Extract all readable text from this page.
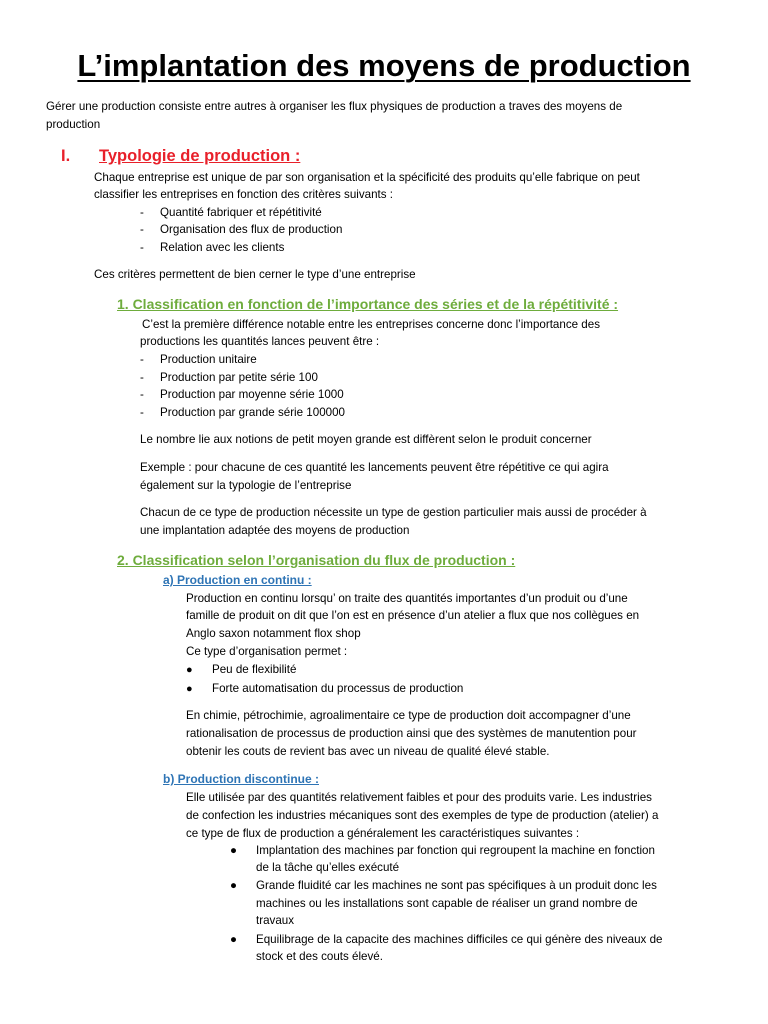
L’implantation des moyens de production
Gérer une production consiste entre autres à organiser les flux physiques de production a traves des moyens de
production
I. Typologie de production :
Chaque entreprise est unique de par son organisation et la spécificité des produits qu’elle fabrique on peut
classifier les entreprises en fonction des critères suivants :
- Quantité fabriquer et répétitivité
- Organisation des flux de production
- Relation avec les clients
Ces critères permettent de bien cerner le type d’une entreprise
1. Classification en fonction de l’importance des séries et de la répétitivité :
C’est la première différence notable entre les entreprises concerne donc l’importance des
productions les quantités lances peuvent être :
- Production unitaire
- Production par petite série 100
- Production par moyenne série 1000
- Production par grande série 100000
Le nombre lie aux notions de petit moyen grande est diffèrent selon le produit concerner
Exemple : pour chacune de ces quantité les lancements peuvent être répétitive ce qui agira
également sur la typologie de l’entreprise
Chacun de ce type de production nécessite un type de gestion particulier mais aussi de procéder à
une implantation adaptée des moyens de production
2. Classification selon l’organisation du flux de production :
a) Production en continu :
Production en continu lorsqu’ on traite des quantités importantes d’un produit ou d’une
famille de produit on dit que l’on est en présence d’un atelier a flux que nos collègues en
Anglo saxon notamment flox shop
Ce type d’organisation permet :
● Peu de flexibilité
● Forte automatisation du processus de production
En chimie, pétrochimie, agroalimentaire ce type de production doit accompagner d’une
rationalisation de processus de production ainsi que des systèmes de manutention pour
obtenir les couts de revient bas avec un niveau de qualité élevé stable.
b) Production discontinue :
Elle utilisée par des quantités relativement faibles et pour des produits varie. Les industries
de confection les industries mécaniques sont des exemples de type de production (atelier) a
ce type de flux de production a généralement les caractéristiques suivantes :
● Implantation des machines par fonction qui regroupent la machine en fonction
de la tâche qu’elles exécuté
● Grande fluidité car les machines ne sont pas spécifiques à un produit donc les
machines ou les installations sont capable de réaliser un grand nombre de
travaux
● Equilibrage de la capacite des machines difficiles ce qui génère des niveaux de
stock et des couts élevé.
